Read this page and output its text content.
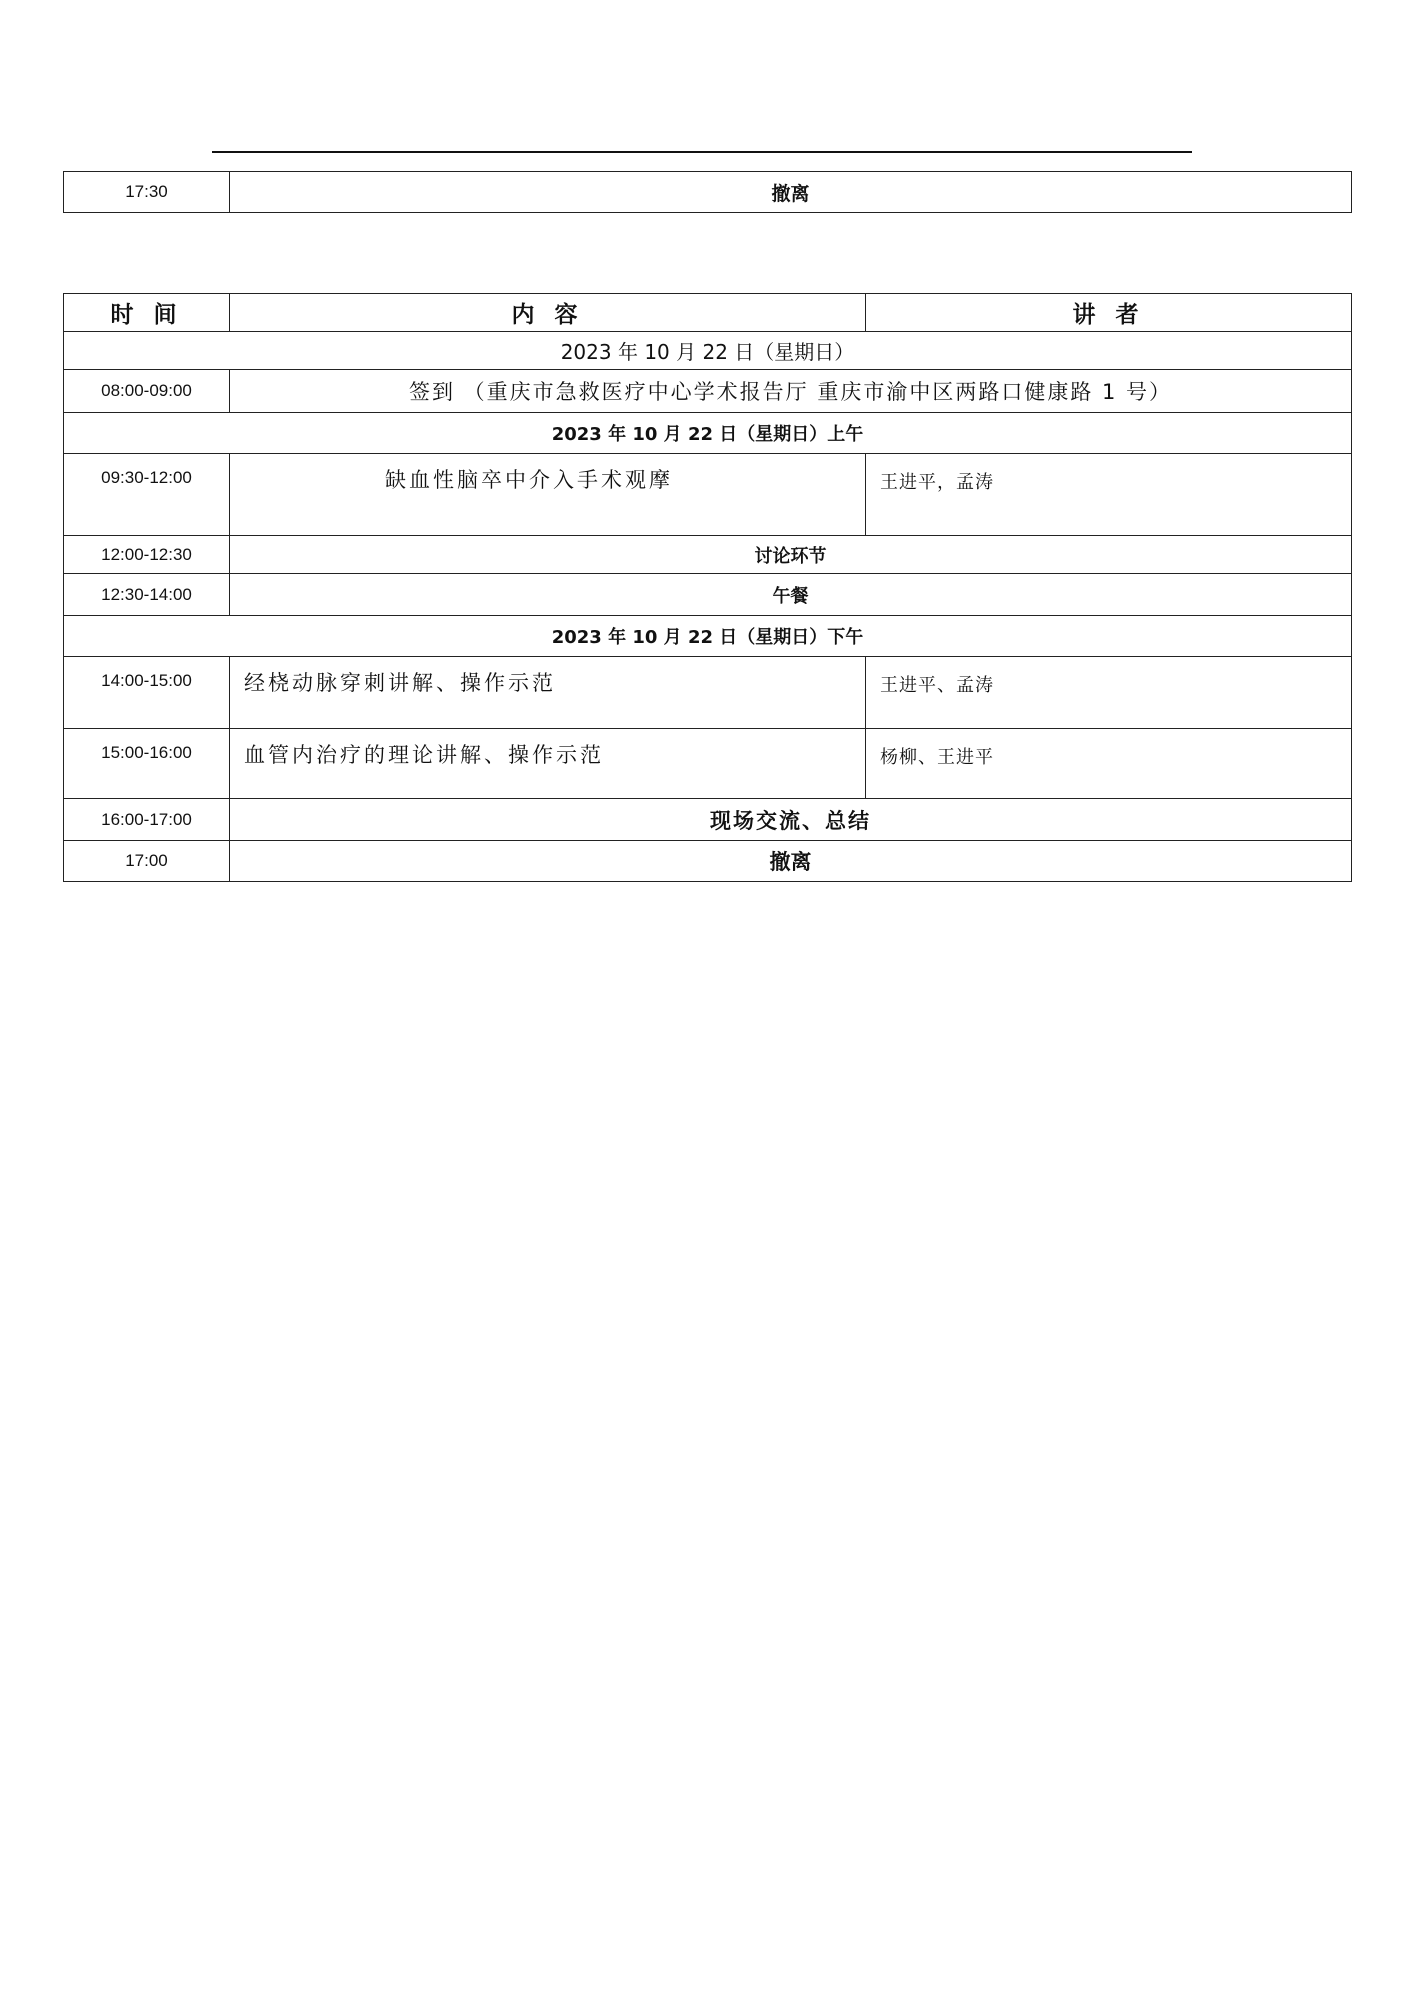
17:30	撤离
时 间	内 容	讲 者
2023 年 10 月 22 日（星期日）		
08:00-09:00	签到 （重庆市急救医疗中心学术报告厅 重庆市渝中区两路口健康路 1 号）	
2023 年 10 月 22 日（星期日）上午		
09:30-12:00	缺血性脑卒中介入手术观摩	王进平，孟涛
12:00-12:30	讨论环节	
12:30-14:00	午餐	
2023 年 10 月 22 日（星期日）下午		
14:00-15:00	经桡动脉穿刺讲解、操作示范	王进平、孟涛
15:00-16:00	血管内治疗的理论讲解、操作示范	杨柳、王进平
16:00-17:00	现场交流、总结	
17:00	撤离	
